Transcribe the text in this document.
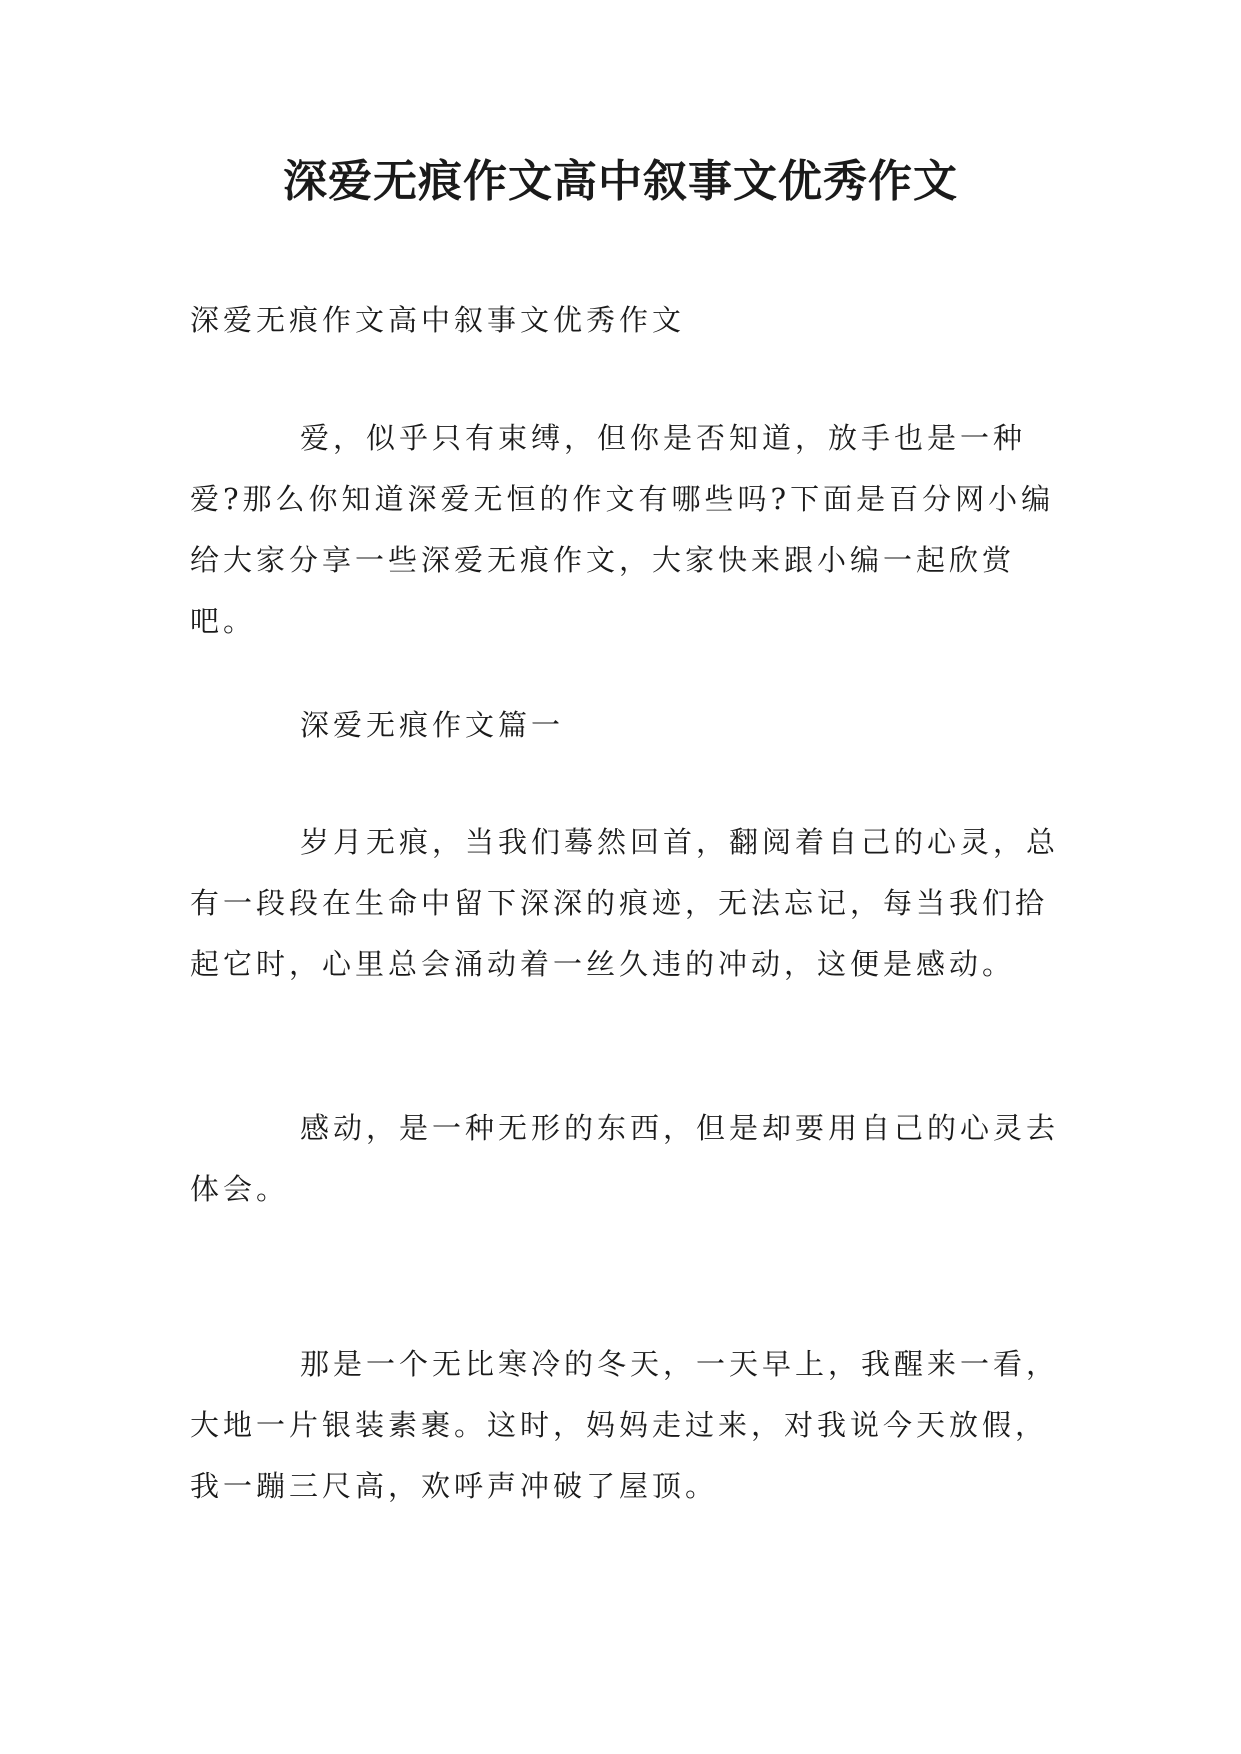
深爱无痕作文高中叙事文优秀作文

深爱无痕作文高中叙事文优秀作文

爱，似乎只有束缚，但你是否知道，放手也是一种爱?那么你知道深爱无恒的作文有哪些吗?下面是百分网小编给大家分享一些深爱无痕作文，大家快来跟小编一起欣赏吧。

深爱无痕作文篇一

岁月无痕，当我们蓦然回首，翻阅着自己的心灵，总有一段段在生命中留下深深的痕迹，无法忘记，每当我们拾起它时，心里总会涌动着一丝久违的冲动，这便是感动。

感动，是一种无形的东西，但是却要用自己的心灵去体会。

那是一个无比寒冷的冬天，一天早上，我醒来一看，大地一片银装素裹。这时，妈妈走过来，对我说今天放假，我一蹦三尺高，欢呼声冲破了屋顶。
